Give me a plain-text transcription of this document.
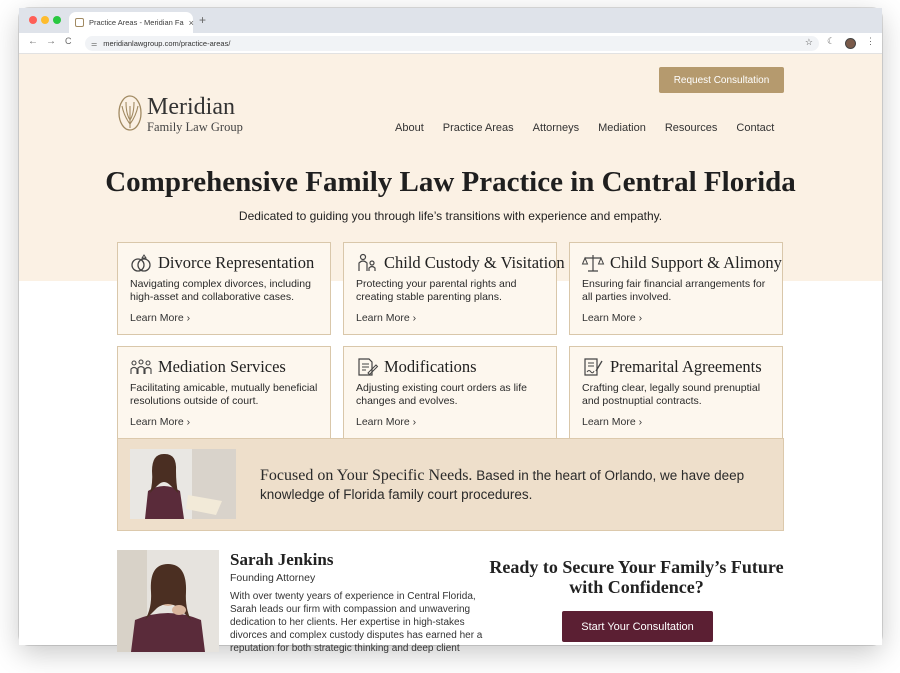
Practice Areas - Meridian Fa × +
← → C	⚌ meridianlawgroup.com/practice-areas/	☆ ☾	⋮
Request Consultation
Meridian
Family Law Group	About Practice Areas Attorneys Mediation Resources Contact
Comprehensive Family Law Practice in Central Florida

Dedicated to guiding you through life’s transitions with experience and empathy.

Divorce Representation

Navigating complex divorces, including high-asset and collaborative cases.

Learn More ›
Child Custody & Visitation

Protecting your parental rights and creating stable parenting plans.

Learn More ›
Child Support & Alimony

Ensuring fair financial arrangements for all parties involved.

Learn More ›
Mediation Services

Facilitating amicable, mutually beneficial resolutions outside of court.

Learn More ›
Modifications

Adjusting existing court orders as life changes and evolves.

Learn More ›
Premarital Agreements

Crafting clear, legally sound prenuptial and postnuptial contracts.

Learn More ›

Focused on Your Specific Needs. Based in the heart of Orlando, we have deep knowledge of Florida family court procedures.

Sarah Jenkins

Founding Attorney

With over twenty years of experience in Central Florida, Sarah leads our firm with compassion and unwavering dedication to her clients. Her expertise in high-stakes divorces and complex custody disputes has earned her a reputation for both strategic thinking and deep client

Ready to Secure Your Family’s Future with Confidence?
Start Your Consultation
